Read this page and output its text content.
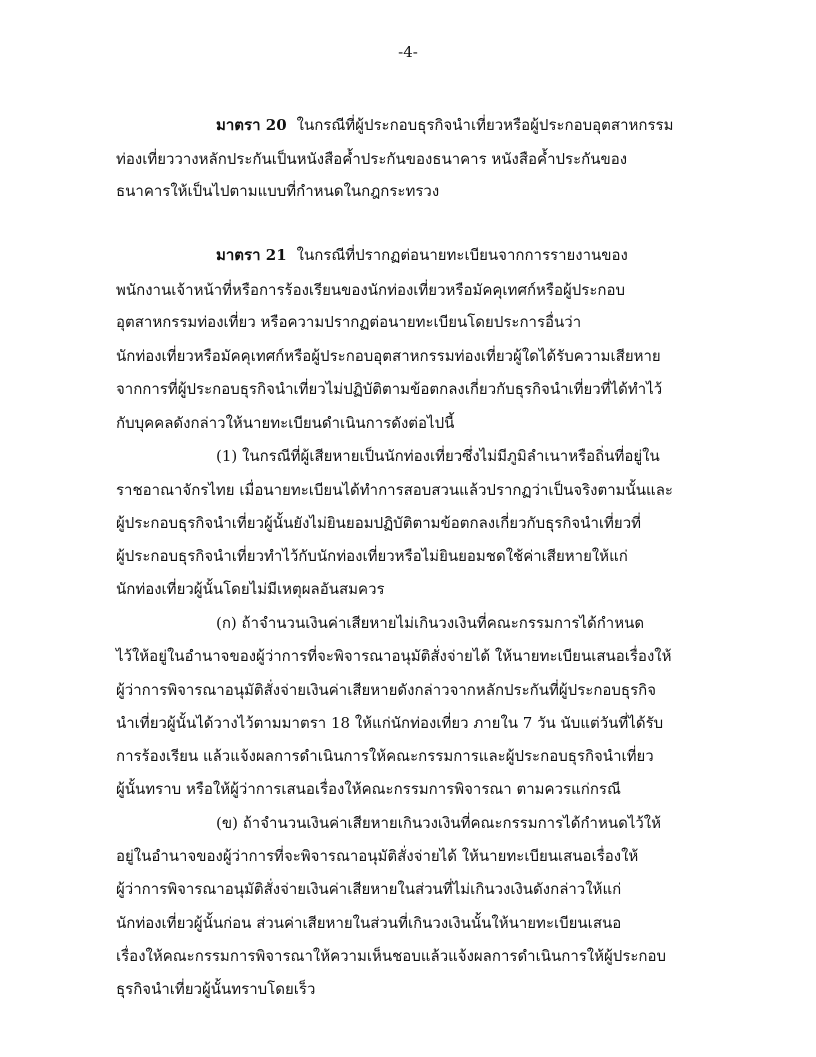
-4-
มาตรา 20 ในกรณีที่ผู้ประกอบธุรกิจนำเที่ยวหรือผู้ประกอบอุตสาหกรรม
ท่องเที่ยววางหลักประกันเป็นหนังสือค้ำประกันของธนาคาร หนังสือค้ำประกันของ
ธนาคารให้เป็นไปตามแบบที่กำหนดในกฎกระทรวง
มาตรา 21 ในกรณีที่ปรากฏต่อนายทะเบียนจากการรายงานของ
พนักงานเจ้าหน้าที่หรือการร้องเรียนของนักท่องเที่ยวหรือมัคคุเทศก์หรือผู้ประกอบ
อุตสาหกรรมท่องเที่ยว หรือความปรากฏต่อนายทะเบียนโดยประการอื่นว่า
นักท่องเที่ยวหรือมัคคุเทศก์หรือผู้ประกอบอุตสาหกรรมท่องเที่ยวผู้ใดได้รับความเสียหาย
จากการที่ผู้ประกอบธุรกิจนำเที่ยวไม่ปฏิบัติตามข้อตกลงเกี่ยวกับธุรกิจนำเที่ยวที่ได้ทำไว้
กับบุคคลดังกล่าวให้นายทะเบียนดำเนินการดังต่อไปนี้
(1) ในกรณีที่ผู้เสียหายเป็นนักท่องเที่ยวซึ่งไม่มีภูมิลำเนาหรือถิ่นที่อยู่ใน
ราชอาณาจักรไทย เมื่อนายทะเบียนได้ทำการสอบสวนแล้วปรากฏว่าเป็นจริงตามนั้นและ
ผู้ประกอบธุรกิจนำเที่ยวผู้นั้นยังไม่ยินยอมปฏิบัติตามข้อตกลงเกี่ยวกับธุรกิจนำเที่ยวที่
ผู้ประกอบธุรกิจนำเที่ยวทำไว้กับนักท่องเที่ยวหรือไม่ยินยอมชดใช้ค่าเสียหายให้แก่
นักท่องเที่ยวผู้นั้นโดยไม่มีเหตุผลอันสมควร
(ก) ถ้าจำนวนเงินค่าเสียหายไม่เกินวงเงินที่คณะกรรมการได้กำหนด
ไว้ให้อยู่ในอำนาจของผู้ว่าการที่จะพิจารณาอนุมัติสั่งจ่ายได้ ให้นายทะเบียนเสนอเรื่องให้
ผู้ว่าการพิจารณาอนุมัติสั่งจ่ายเงินค่าเสียหายดังกล่าวจากหลักประกันที่ผู้ประกอบธุรกิจ
นำเที่ยวผู้นั้นได้วางไว้ตามมาตรา 18 ให้แก่นักท่องเที่ยว ภายใน 7 วัน นับแต่วันที่ได้รับ
การร้องเรียน แล้วแจ้งผลการดำเนินการให้คณะกรรมการและผู้ประกอบธุรกิจนำเที่ยว
ผู้นั้นทราบ หรือให้ผู้ว่าการเสนอเรื่องให้คณะกรรมการพิจารณา ตามควรแก่กรณี
(ข) ถ้าจำนวนเงินค่าเสียหายเกินวงเงินที่คณะกรรมการได้กำหนดไว้ให้
อยู่ในอำนาจของผู้ว่าการที่จะพิจารณาอนุมัติสั่งจ่ายได้ ให้นายทะเบียนเสนอเรื่องให้
ผู้ว่าการพิจารณาอนุมัติสั่งจ่ายเงินค่าเสียหายในส่วนที่ไม่เกินวงเงินดังกล่าวให้แก่
นักท่องเที่ยวผู้นั้นก่อน ส่วนค่าเสียหายในส่วนที่เกินวงเงินนั้นให้นายทะเบียนเสนอ
เรื่องให้คณะกรรมการพิจารณาให้ความเห็นชอบแล้วแจ้งผลการดำเนินการให้ผู้ประกอบ
ธุรกิจนำเที่ยวผู้นั้นทราบโดยเร็ว
